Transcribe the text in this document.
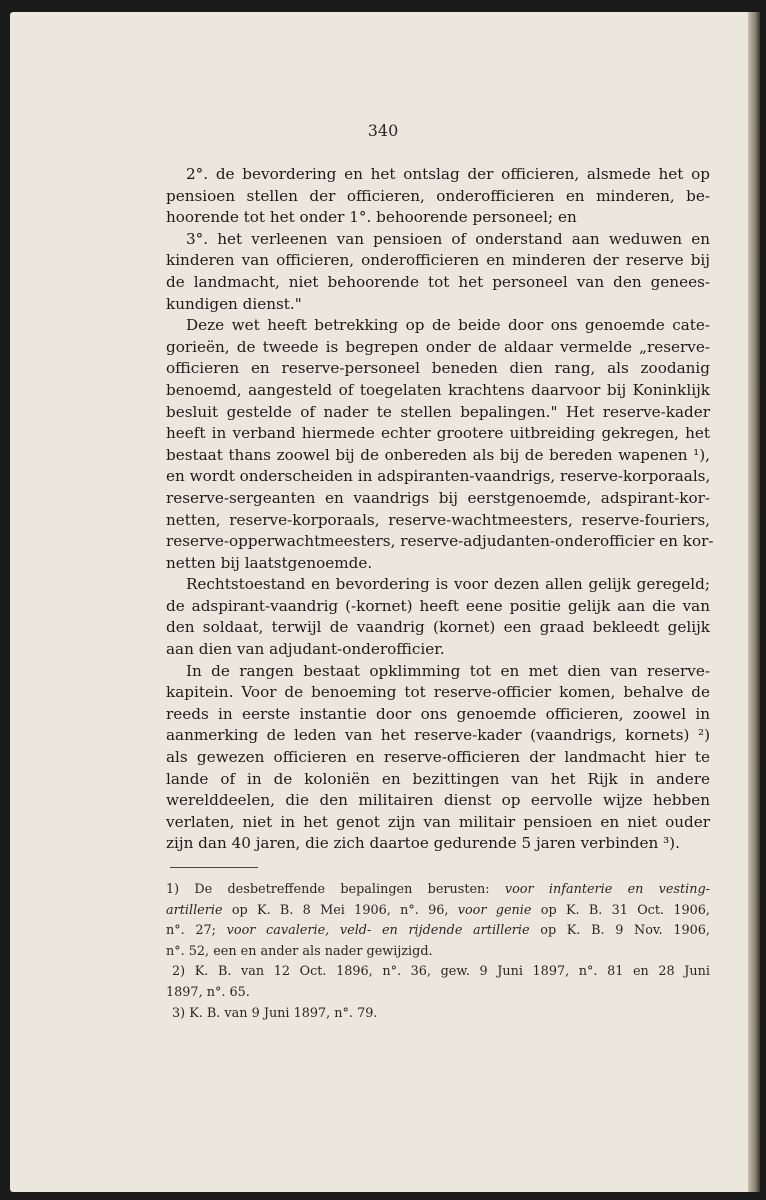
340
2°. de bevordering en het ontslag der officieren, alsmede het op
pensioen stellen der officieren, onderofficieren en minderen, be-
hoorende tot het onder 1°. behoorende personeel; en
3°. het verleenen van pensioen of onderstand aan weduwen en
kinderen van officieren, onderofficieren en minderen der reserve bij
de landmacht, niet behoorende tot het personeel van den genees-
kundigen dienst."
Deze wet heeft betrekking op de beide door ons genoemde cate-
gorieën, de tweede is begrepen onder de aldaar vermelde „reserve-
officieren en reserve-personeel beneden dien rang, als zoodanig
benoemd, aangesteld of toegelaten krachtens daarvoor bij Koninklijk
besluit gestelde of nader te stellen bepalingen." Het reserve-kader
heeft in verband hiermede echter grootere uitbreiding gekregen, het
bestaat thans zoowel bij de onbereden als bij de bereden wapenen ¹),
en wordt onderscheiden in adspiranten-vaandrigs, reserve-korporaals,
reserve-sergeanten en vaandrigs bij eerstgenoemde, adspirant-kor-
netten, reserve-korporaals, reserve-wachtmeesters, reserve-fouriers,
reserve-opperwachtmeesters, reserve-adjudanten-onderofficier en kor-
netten bij laatstgenoemde.
Rechtstoestand en bevordering is voor dezen allen gelijk geregeld;
de adspirant-vaandrig (-kornet) heeft eene positie gelijk aan die van
den soldaat, terwijl de vaandrig (kornet) een graad bekleedt gelijk
aan dien van adjudant-onderofficier.
In de rangen bestaat opklimming tot en met dien van reserve-
kapitein. Voor de benoeming tot reserve-officier komen, behalve de
reeds in eerste instantie door ons genoemde officieren, zoowel in
aanmerking de leden van het reserve-kader (vaandrigs, kornets) ²)
als gewezen officieren en reserve-officieren der landmacht hier te
lande of in de koloniën en bezittingen van het Rijk in andere
werelddeelen, die den militairen dienst op eervolle wijze hebben
verlaten, niet in het genot zijn van militair pensioen en niet ouder
zijn dan 40 jaren, die zich daartoe gedurende 5 jaren verbinden ³).
1) De desbetreffende bepalingen berusten: voor infanterie en vesting-
artillerie op K. B. 8 Mei 1906, n°. 96, voor genie op K. B. 31 Oct. 1906,
n°. 27; voor cavalerie, veld- en rijdende artillerie op K. B. 9 Nov. 1906,
n°. 52, een en ander als nader gewijzigd.
2) K. B. van 12 Oct. 1896, n°. 36, gew. 9 Juni 1897, n°. 81 en 28 Juni
1897, n°. 65.
3) K. B. van 9 Juni 1897, n°. 79.
